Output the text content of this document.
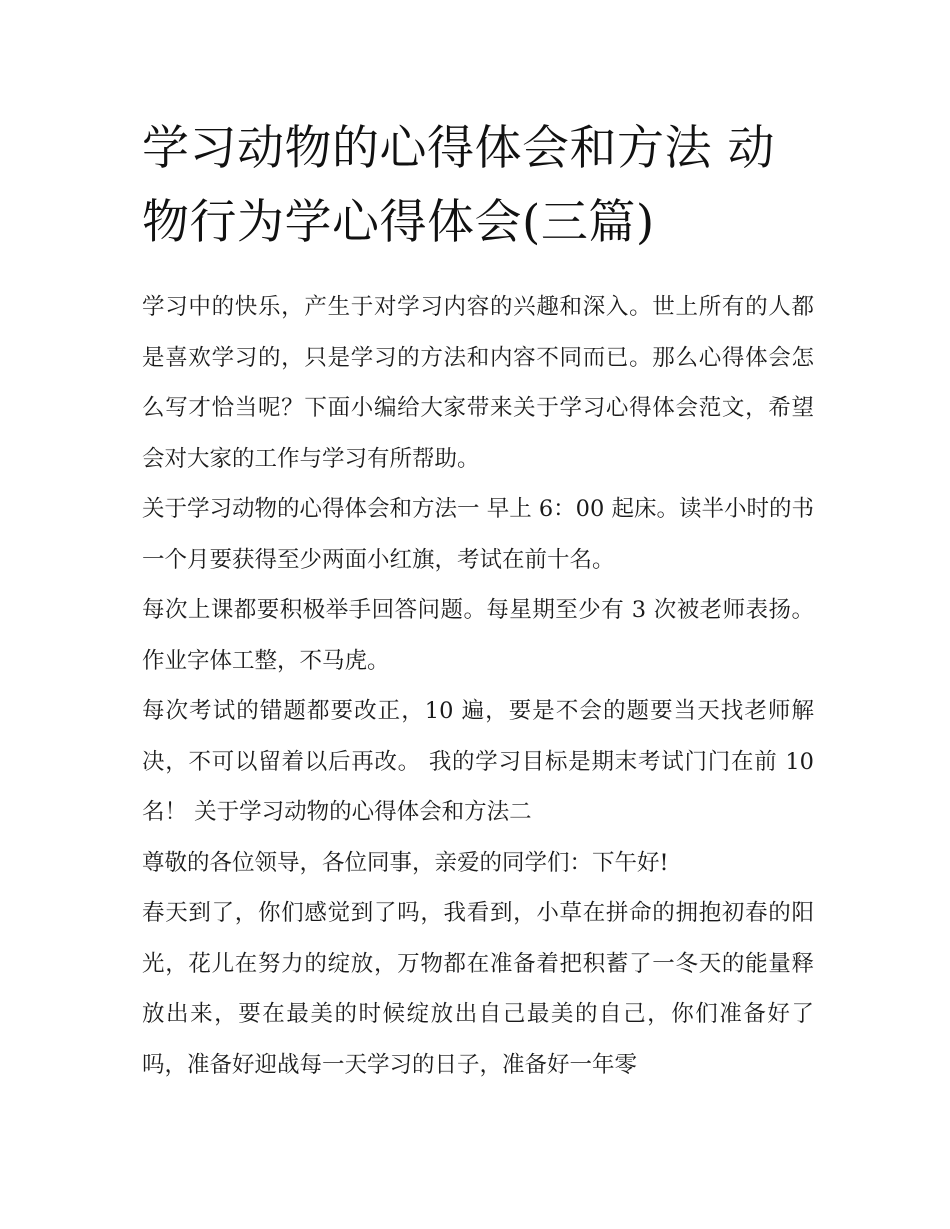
学习动物的心得体会和方法 动物行为学心得体会(三篇)

学习中的快乐，产生于对学习内容的兴趣和深入。世上所有的人都是喜欢学习的，只是学习的方法和内容不同而已。那么心得体会怎么写才恰当呢？下面小编给大家带来关于学习心得体会范文，希望会对大家的工作与学习有所帮助。

关于学习动物的心得体会和方法一 早上 6：00 起床。读半小时的书 一个月要获得至少两面小红旗，考试在前十名。

每次上课都要积极举手回答问题。每星期至少有 3 次被老师表扬。 作业字体工整，不马虎。

每次考试的错题都要改正，10 遍，要是不会的题要当天找老师解决，不可以留着以后再改。 我的学习目标是期末考试门门在前 10 名！ 关于学习动物的心得体会和方法二

尊敬的各位领导，各位同事，亲爱的同学们：下午好!

春天到了，你们感觉到了吗，我看到，小草在拼命的拥抱初春的阳光，花儿在努力的绽放，万物都在准备着把积蓄了一冬天的能量释放出来，要在最美的时候绽放出自己最美的自己，你们准备好了吗，准备好迎战每一天学习的日子，准备好一年零
